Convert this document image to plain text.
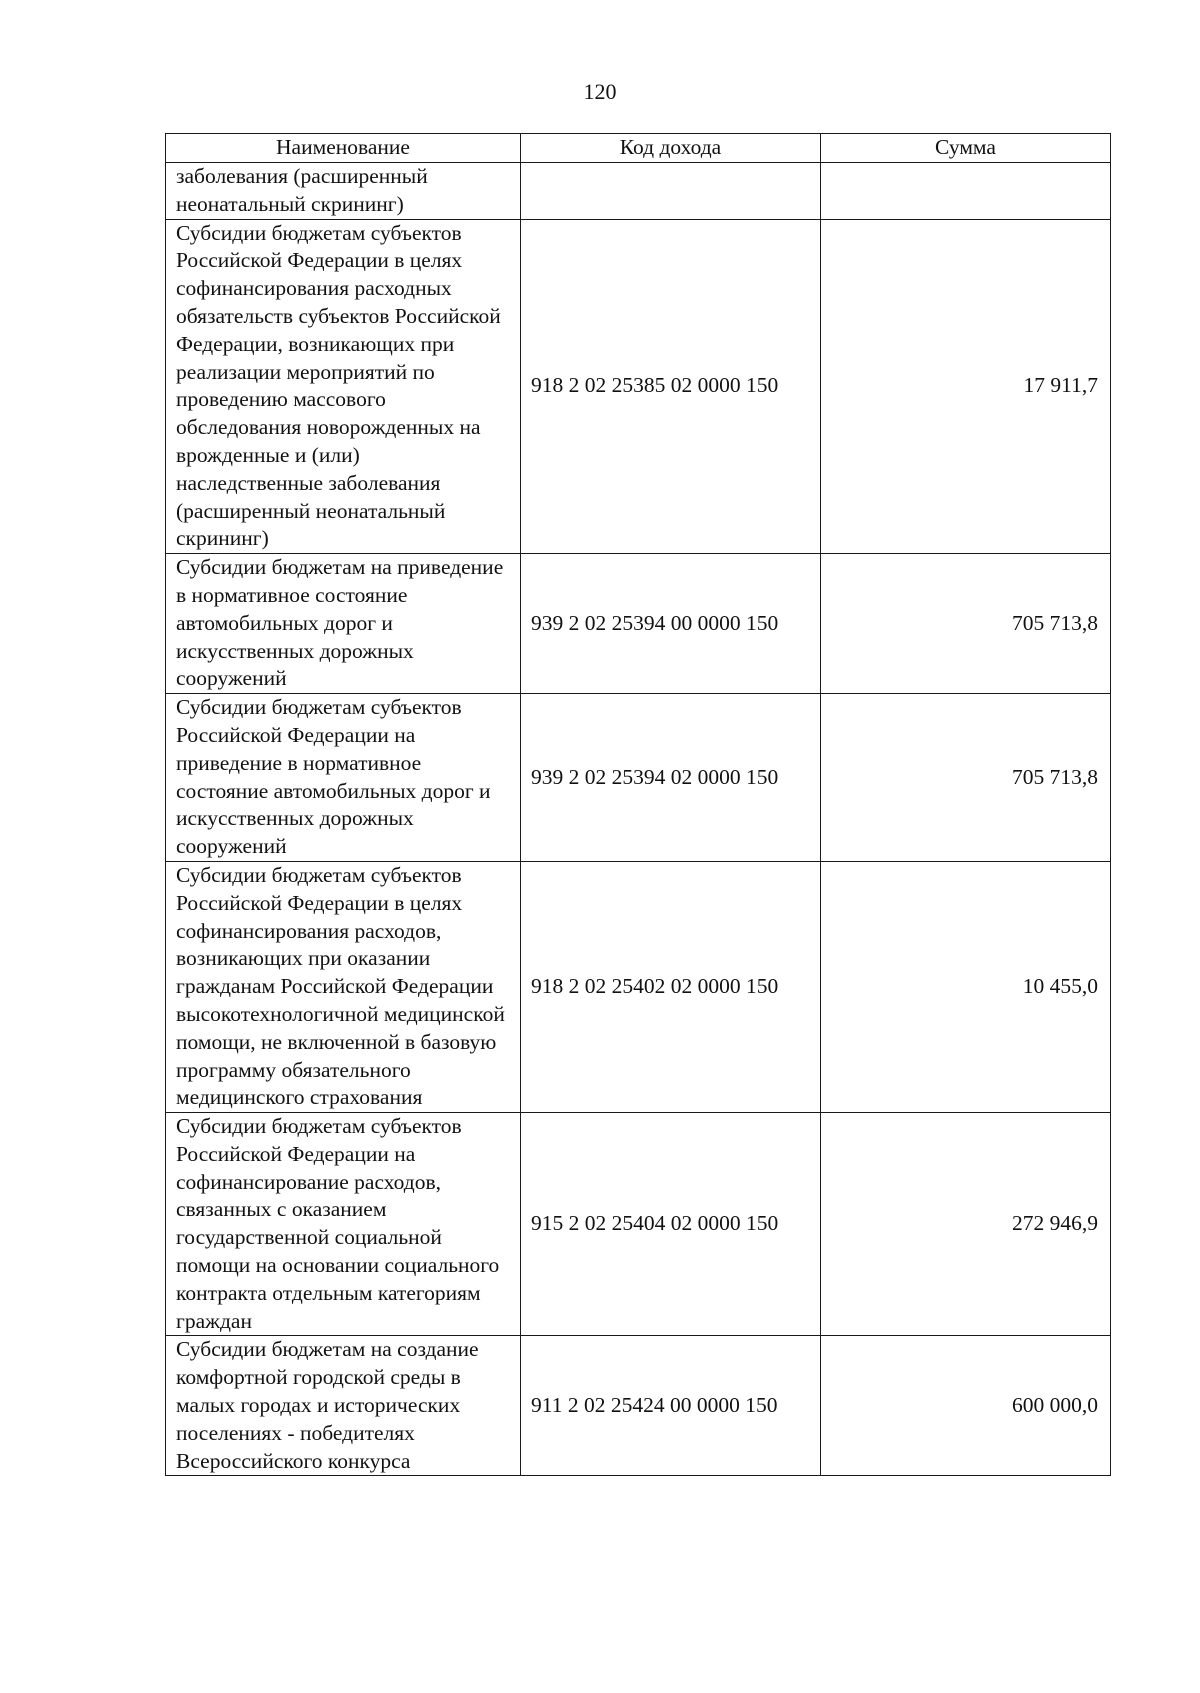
120
Наименование	Код дохода	Сумма
заболевания (расширенный неонатальный скрининг)		
Субсидии бюджетам субъектов Российской Федерации в целях софинансирования расходных обязательств субъектов Российской Федерации, возникающих при реализации мероприятий по проведению массового обследования новорожденных на врожденные и (или) наследственные заболевания (расширенный неонатальный скрининг)	918 2 02 25385 02 0000 150	17 911,7
Субсидии бюджетам на приведение в нормативное состояние автомобильных дорог и искусственных дорожных сооружений	939 2 02 25394 00 0000 150	705 713,8
Субсидии бюджетам субъектов Российской Федерации на приведение в нормативное состояние автомобильных дорог и искусственных дорожных сооружений	939 2 02 25394 02 0000 150	705 713,8
Субсидии бюджетам субъектов Российской Федерации в целях софинансирования расходов, возникающих при оказании гражданам Российской Федерации высокотехнологичной медицинской помощи, не включенной в базовую программу обязательного медицинского страхования	918 2 02 25402 02 0000 150	10 455,0
Субсидии бюджетам субъектов Российской Федерации на софинансирование расходов, связанных с оказанием государственной социальной помощи на основании социального контракта отдельным категориям граждан	915 2 02 25404 02 0000 150	272 946,9
Субсидии бюджетам на создание комфортной городской среды в малых городах и исторических поселениях - победителях Всероссийского конкурса	911 2 02 25424 00 0000 150	600 000,0
